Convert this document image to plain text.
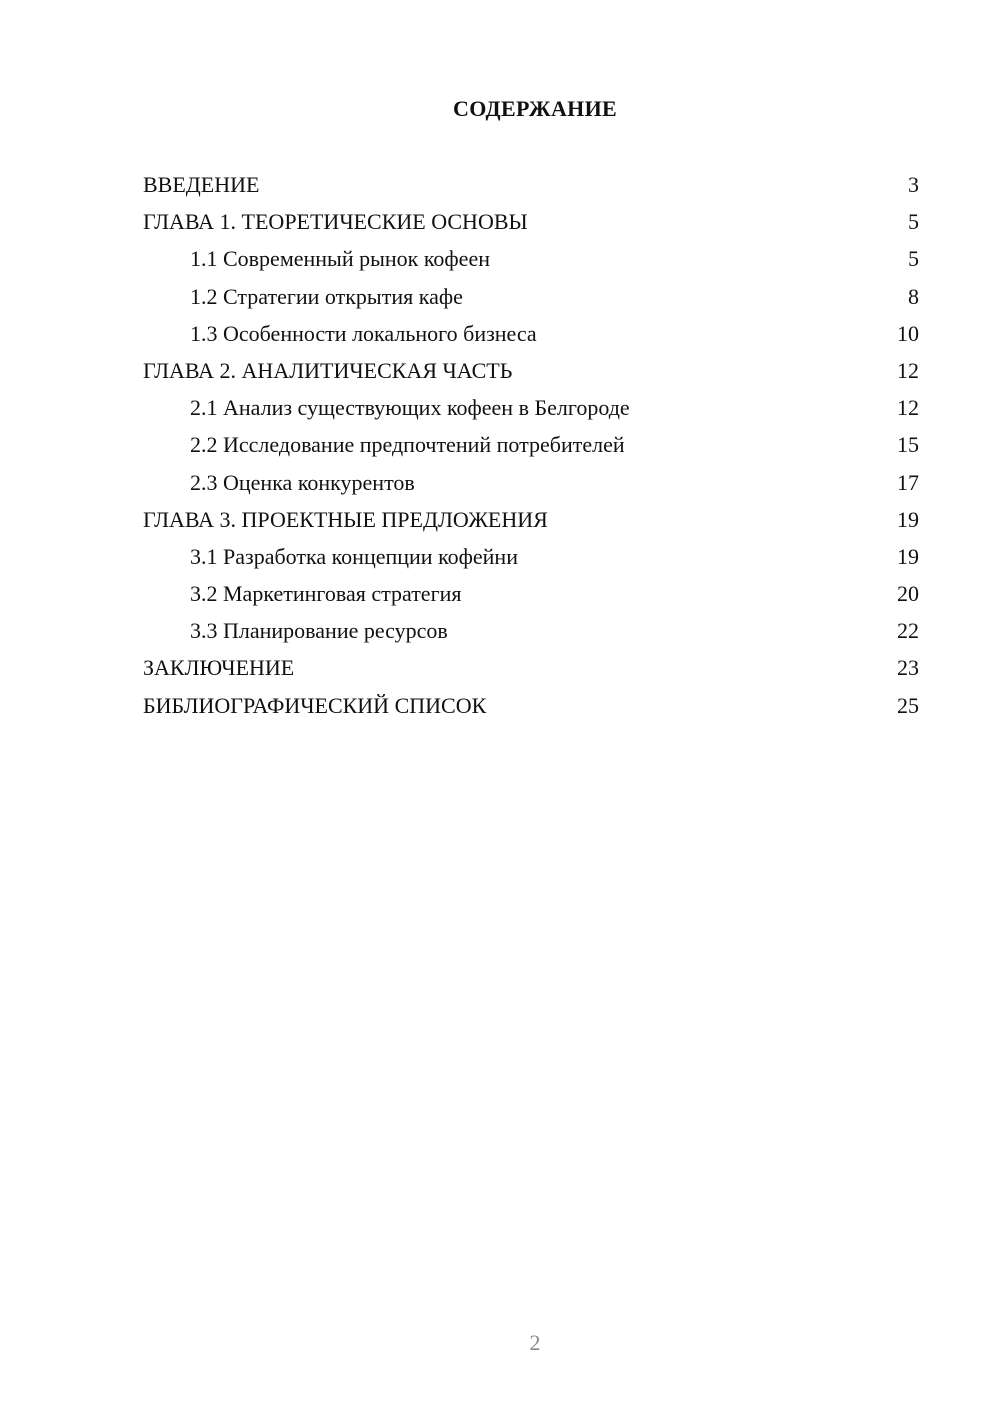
СОДЕРЖАНИЕ
ВВЕДЕНИЕ	3
ГЛАВА 1. ТЕОРЕТИЧЕСКИЕ ОСНОВЫ	5
1.1 Современный рынок кофеен	5
1.2 Стратегии открытия кафе	8
1.3 Особенности локального бизнеса	10
ГЛАВА 2. АНАЛИТИЧЕСКАЯ ЧАСТЬ	12
2.1 Анализ существующих кофеен в Белгороде	12
2.2 Исследование предпочтений потребителей	15
2.3 Оценка конкурентов	17
ГЛАВА 3. ПРОЕКТНЫЕ ПРЕДЛОЖЕНИЯ	19
3.1 Разработка концепции кофейни	19
3.2 Маркетинговая стратегия	20
3.3 Планирование ресурсов	22
ЗАКЛЮЧЕНИЕ	23
БИБЛИОГРАФИЧЕСКИЙ СПИСОК	25
2
